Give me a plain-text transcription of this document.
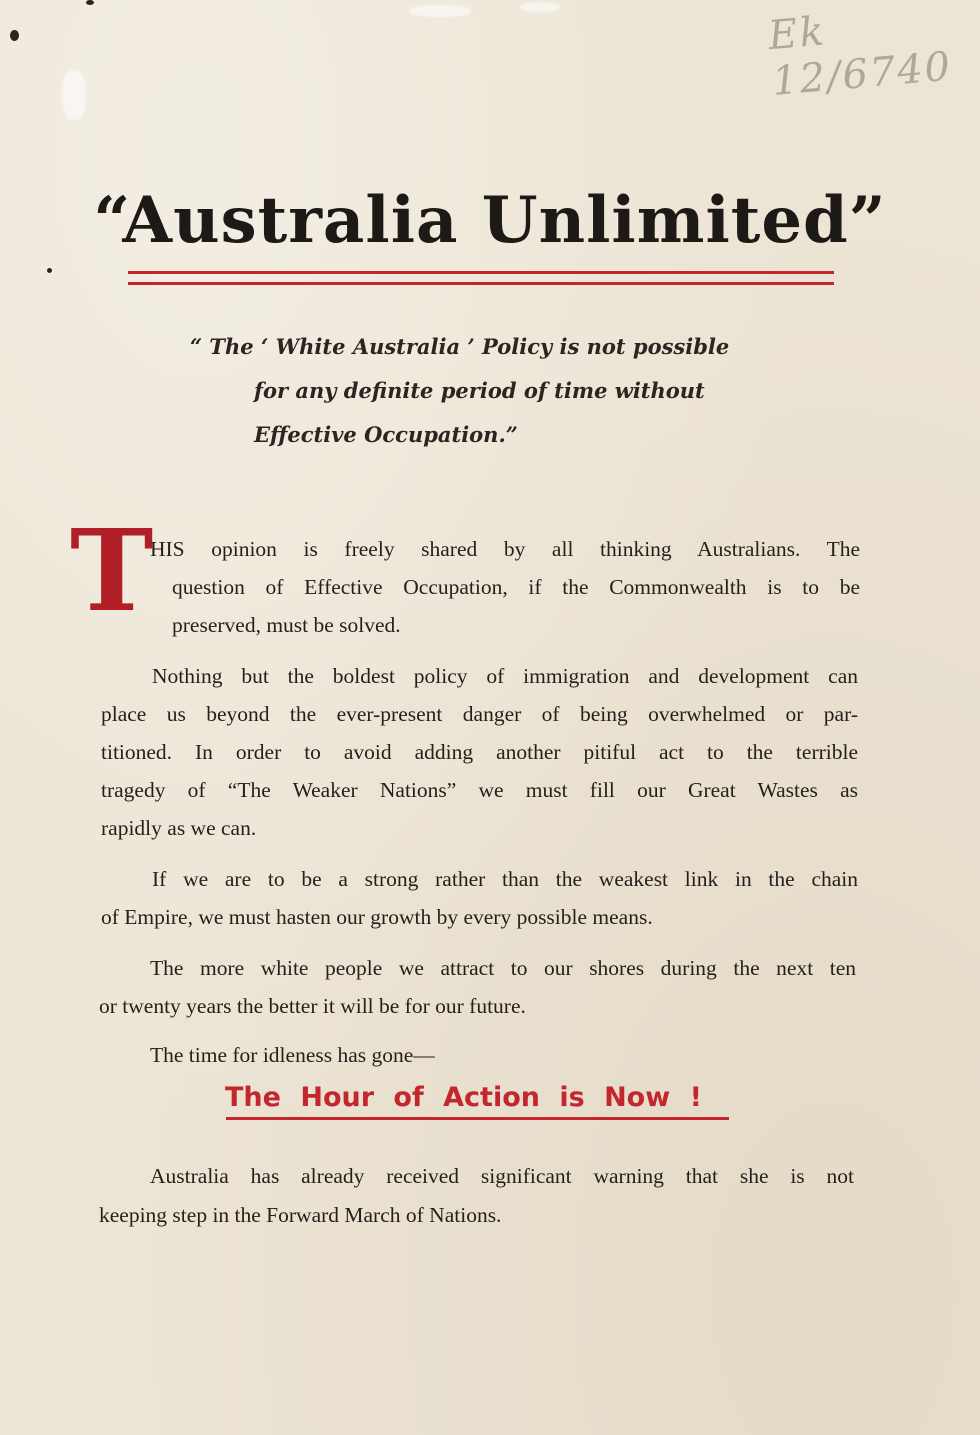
Ek 12/6740
“Australia Unlimited”
“ The ‘ White Australia ’ Policy is not possible
for any definite period of time without
Effective Occupation.”
T
HIS opinion is freely shared by all thinking Australians. The
question of Effective Occupation, if the Commonwealth is to be
preserved, must be solved.
Nothing but the boldest policy of immigration and development can
place us beyond the ever-present danger of being overwhelmed or par-
titioned. In order to avoid adding another pitiful act to the terrible
tragedy of “The Weaker Nations” we must fill our Great Wastes as
rapidly as we can.
If we are to be a strong rather than the weakest link in the chain
of Empire, we must hasten our growth by every possible means.
The more white people we attract to our shores during the next ten
or twenty years the better it will be for our future.
The time for idleness has gone—
The Hour of Action is Now !
Australia has already received significant warning that she is not
keeping step in the Forward March of Nations.
